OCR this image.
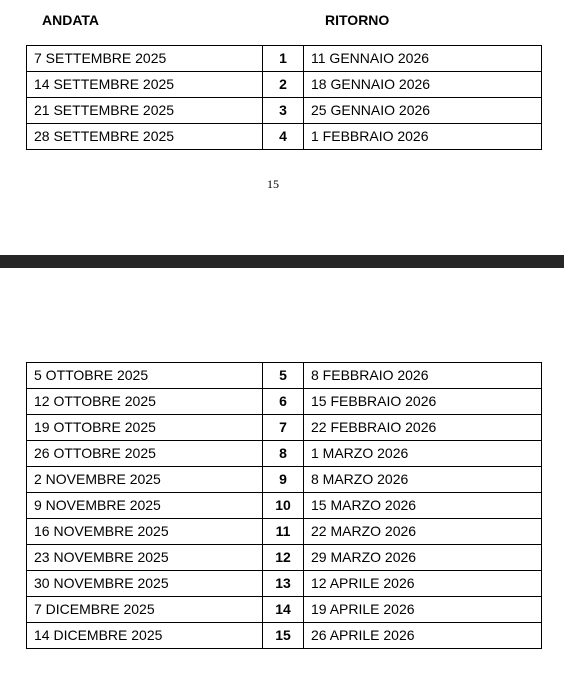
ANDATA	RITORNO
7 SETTEMBRE 2025	1	11 GENNAIO 2026
14 SETTEMBRE 2025	2	18 GENNAIO 2026
21 SETTEMBRE 2025	3	25 GENNAIO 2026
28 SETTEMBRE 2025	4	1 FEBBRAIO 2026
15
5 OTTOBRE 2025	5	8 FEBBRAIO 2026
12 OTTOBRE 2025	6	15 FEBBRAIO 2026
19 OTTOBRE 2025	7	22 FEBBRAIO 2026
26 OTTOBRE 2025	8	1 MARZO 2026
2 NOVEMBRE 2025	9	8 MARZO 2026
9 NOVEMBRE 2025	10	15 MARZO 2026
16 NOVEMBRE 2025	11	22 MARZO 2026
23 NOVEMBRE 2025	12	29 MARZO 2026
30 NOVEMBRE 2025	13	12 APRILE 2026
7 DICEMBRE 2025	14	19 APRILE 2026
14 DICEMBRE 2025	15	26 APRILE 2026
